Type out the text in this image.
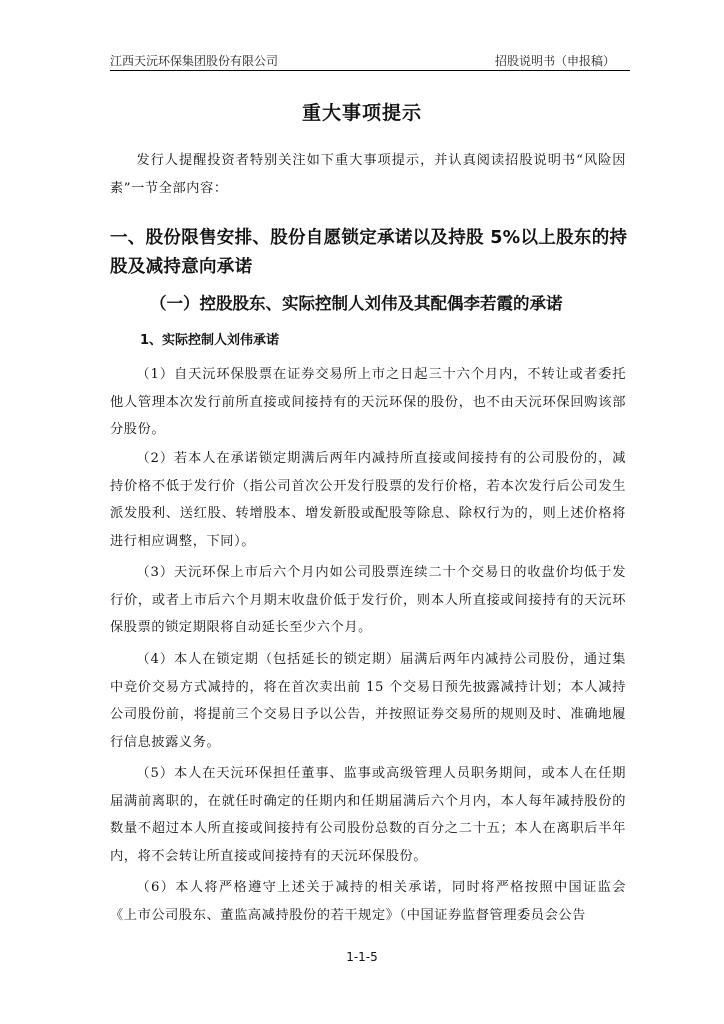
江西天沅环保集团股份有限公司	招股说明书（申报稿）
重大事项提示

发行人提醒投资者特别关注如下重大事项提示，并认真阅读招股说明书“风险因素”一节全部内容：

一、股份限售安排、股份自愿锁定承诺以及持股 5%以上股东的持股及减持意向承诺
（一）控股股东、实际控制人刘伟及其配偶李若霞的承诺
1、实际控制人刘伟承诺

（1）自天沅环保股票在证券交易所上市之日起三十六个月内，不转让或者委托他人管理本次发行前所直接或间接持有的天沅环保的股份，也不由天沅环保回购该部分股份。

（2）若本人在承诺锁定期满后两年内减持所直接或间接持有的公司股份的，减持价格不低于发行价（指公司首次公开发行股票的发行价格，若本次发行后公司发生派发股利、送红股、转增股本、增发新股或配股等除息、除权行为的，则上述价格将进行相应调整，下同）。

（3）天沅环保上市后六个月内如公司股票连续二十个交易日的收盘价均低于发行价，或者上市后六个月期末收盘价低于发行价，则本人所直接或间接持有的天沅环保股票的锁定期限将自动延长至少六个月。

（4）本人在锁定期（包括延长的锁定期）届满后两年内减持公司股份，通过集中竞价交易方式减持的，将在首次卖出前 15 个交易日预先披露减持计划；本人减持公司股份前，将提前三个交易日予以公告，并按照证券交易所的规则及时、准确地履行信息披露义务。

（5）本人在天沅环保担任董事、监事或高级管理人员职务期间，或本人在任期届满前离职的，在就任时确定的任期内和任期届满后六个月内，本人每年减持股份的数量不超过本人所直接或间接持有公司股份总数的百分之二十五；本人在离职后半年内，将不会转让所直接或间接持有的天沅环保股份。

（6）本人将严格遵守上述关于减持的相关承诺，同时将严格按照中国证监会《上市公司股东、董监高减持股份的若干规定》（中国证券监督管理委员会公告

1-1-5
